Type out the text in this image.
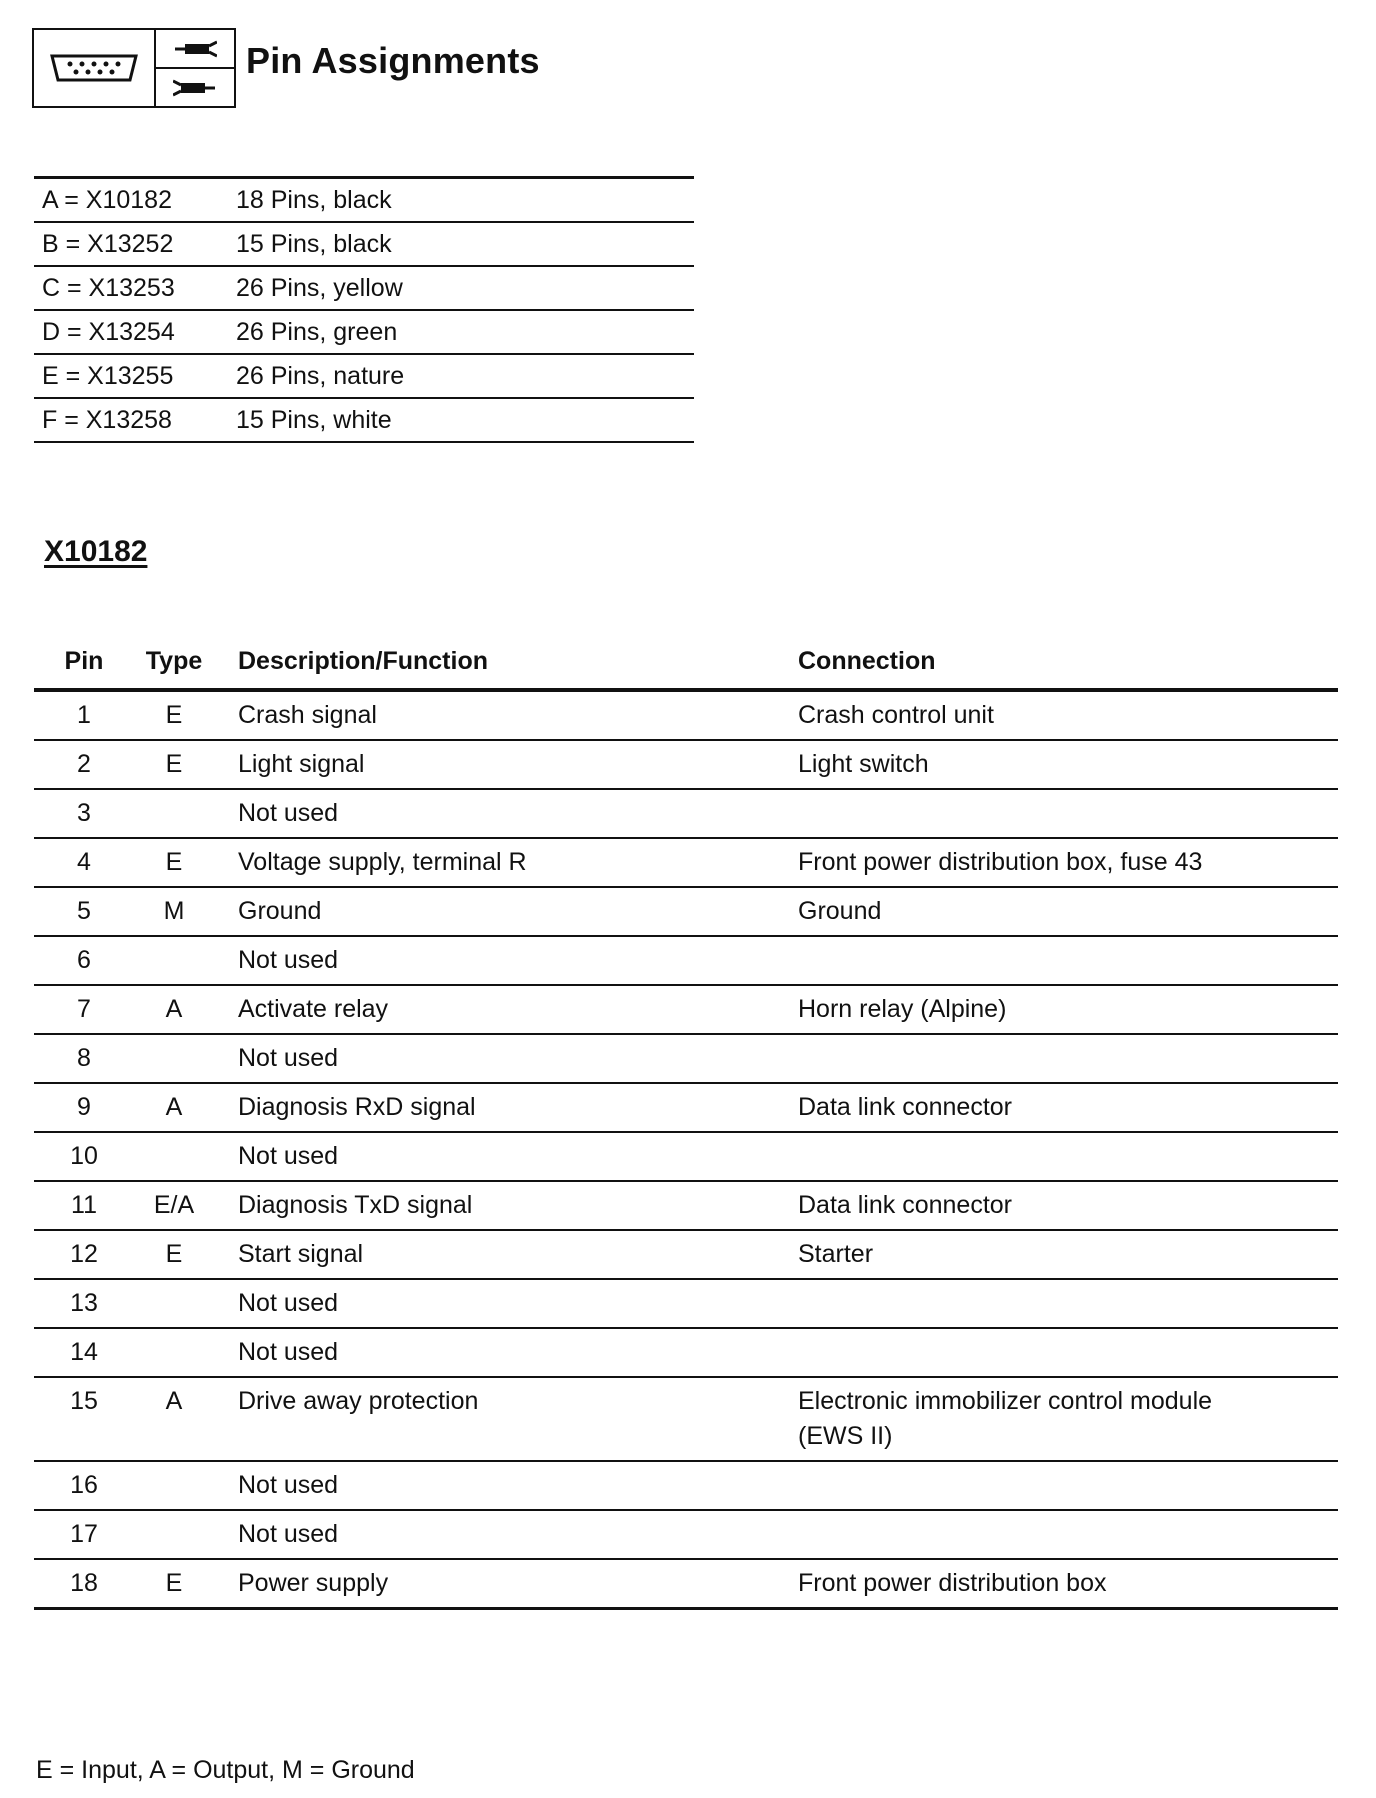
Pin Assignments
A = X10182	18 Pins, black
B = X13252	15 Pins, black
C = X13253	26 Pins, yellow
D = X13254	26 Pins, green
E = X13255	26 Pins, nature
F = X13258	15 Pins, white
X10182
Pin	Type	Description/Function	Connection
1	E	Crash signal	Crash control unit
2	E	Light signal	Light switch
3		Not used	
4	E	Voltage supply, terminal R	Front power distribution box, fuse 43
5	M	Ground	Ground
6		Not used	
7	A	Activate relay	Horn relay (Alpine)
8		Not used	
9	A	Diagnosis RxD signal	Data link connector
10		Not used	
11	E/A	Diagnosis TxD signal	Data link connector
12	E	Start signal	Starter
13		Not used	
14		Not used	
15	A	Drive away protection	Electronic immobilizer control module
(EWS II)

16		Not used	
17		Not used	
18	E	Power supply	Front power distribution box
E = Input, A = Output, M = Ground
